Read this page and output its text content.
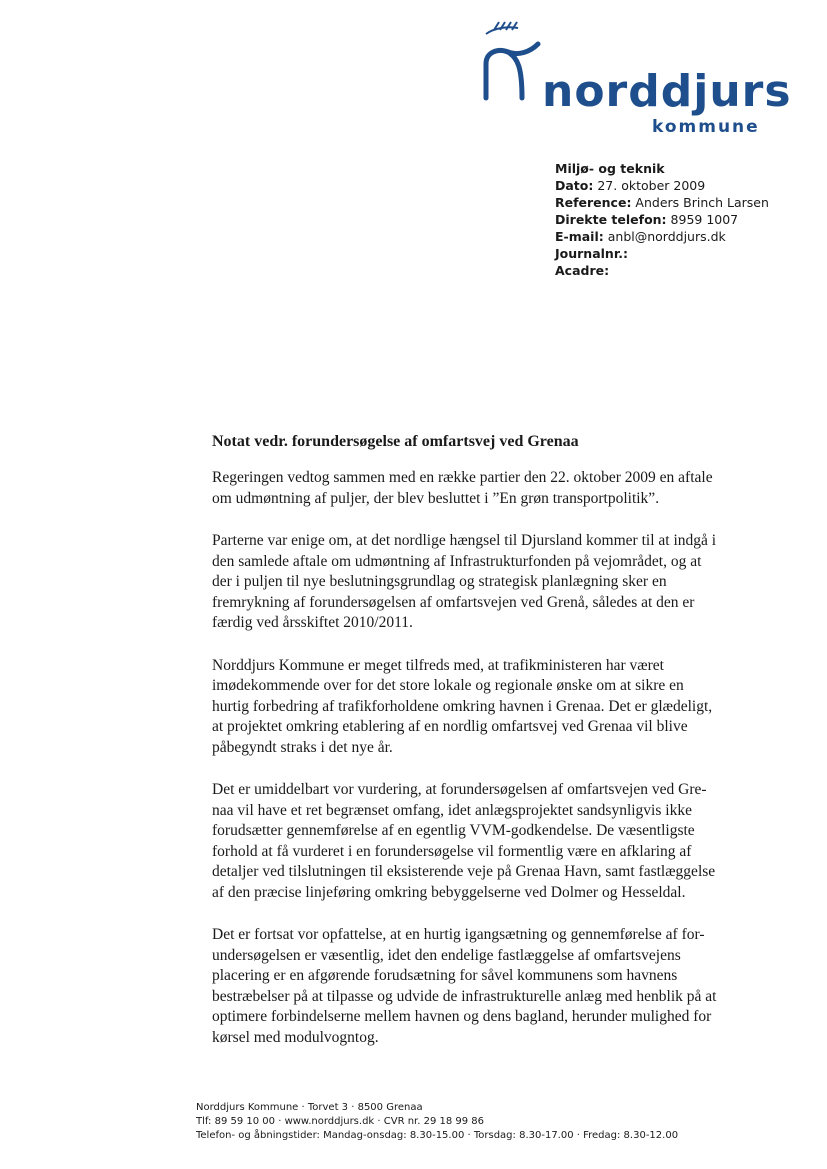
norddjurs
kommune
Miljø- og teknik
Dato: 27. oktober 2009
Reference: Anders Brinch Larsen
Direkte telefon: 8959 1007
E-mail: anbl@norddjurs.dk
Journalnr.:
Acadre:
Notat vedr. forundersøgelse af omfartsvej ved Grenaa

Regeringen vedtog sammen med en række partier den 22. oktober 2009 en aftale
om udmøntning af puljer, der blev besluttet i ”En grøn transportpolitik”.

Parterne var enige om, at det nordlige hængsel til Djursland kommer til at indgå i
den samlede aftale om udmøntning af Infrastrukturfonden på vejområdet, og at
der i puljen til nye beslutningsgrundlag og strategisk planlægning sker en
fremrykning af forundersøgelsen af omfartsvejen ved Grenå, således at den er
færdig ved årsskiftet 2010/2011.

Norddjurs Kommune er meget tilfreds med, at trafikministeren har været
imødekommende over for det store lokale og regionale ønske om at sikre en
hurtig forbedring af trafikforholdene omkring havnen i Grenaa. Det er glædeligt,
at projektet omkring etablering af en nordlig omfartsvej ved Grenaa vil blive
påbegyndt straks i det nye år.

Det er umiddelbart vor vurdering, at forundersøgelsen af omfartsvejen ved Gre-
naa vil have et ret begrænset omfang, idet anlægsprojektet sandsynligvis ikke
forudsætter gennemførelse af en egentlig VVM-godkendelse. De væsentligste
forhold at få vurderet i en forundersøgelse vil formentlig være en afklaring af
detaljer ved tilslutningen til eksisterende veje på Grenaa Havn, samt fastlæggelse
af den præcise linjeføring omkring bebyggelserne ved Dolmer og Hesseldal.

Det er fortsat vor opfattelse, at en hurtig igangsætning og gennemførelse af for-
undersøgelsen er væsentlig, idet den endelige fastlæggelse af omfartsvejens
placering er en afgørende forudsætning for såvel kommunens som havnens
bestræbelser på at tilpasse og udvide de infrastrukturelle anlæg med henblik på at
optimere forbindelserne mellem havnen og dens bagland, herunder mulighed for
kørsel med modulvogntog.

Norddjurs Kommune · Torvet 3 · 8500 Grenaa
Tlf: 89 59 10 00 · www.norddjurs.dk · CVR nr. 29 18 99 86
Telefon- og åbningstider: Mandag-onsdag: 8.30-15.00 · Torsdag: 8.30-17.00 · Fredag: 8.30-12.00
